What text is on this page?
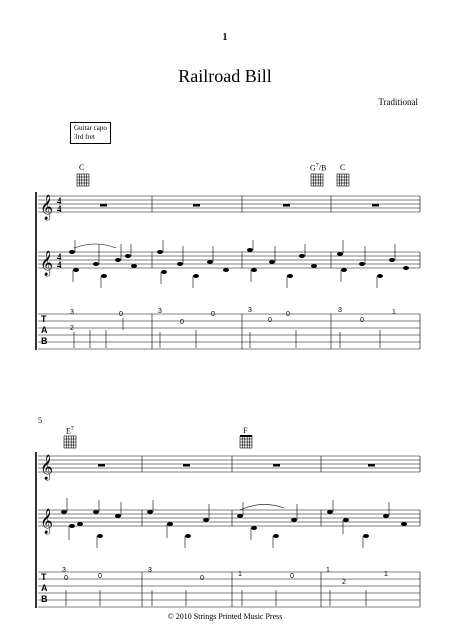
1
Railroad Bill
Traditional
Guitar capo
3rd fret
C	$G^7/B$ C
$E^7$	F
5
𝄞
𝄞
𝄞
𝄞
4
4
4
4
T
A
B
T
A
B
3
2
0	3
0
0
3
0
0
3
0
1
3
0	0
3
0
1	0
1
2
1
© 2010 Strings Printed Music Press
